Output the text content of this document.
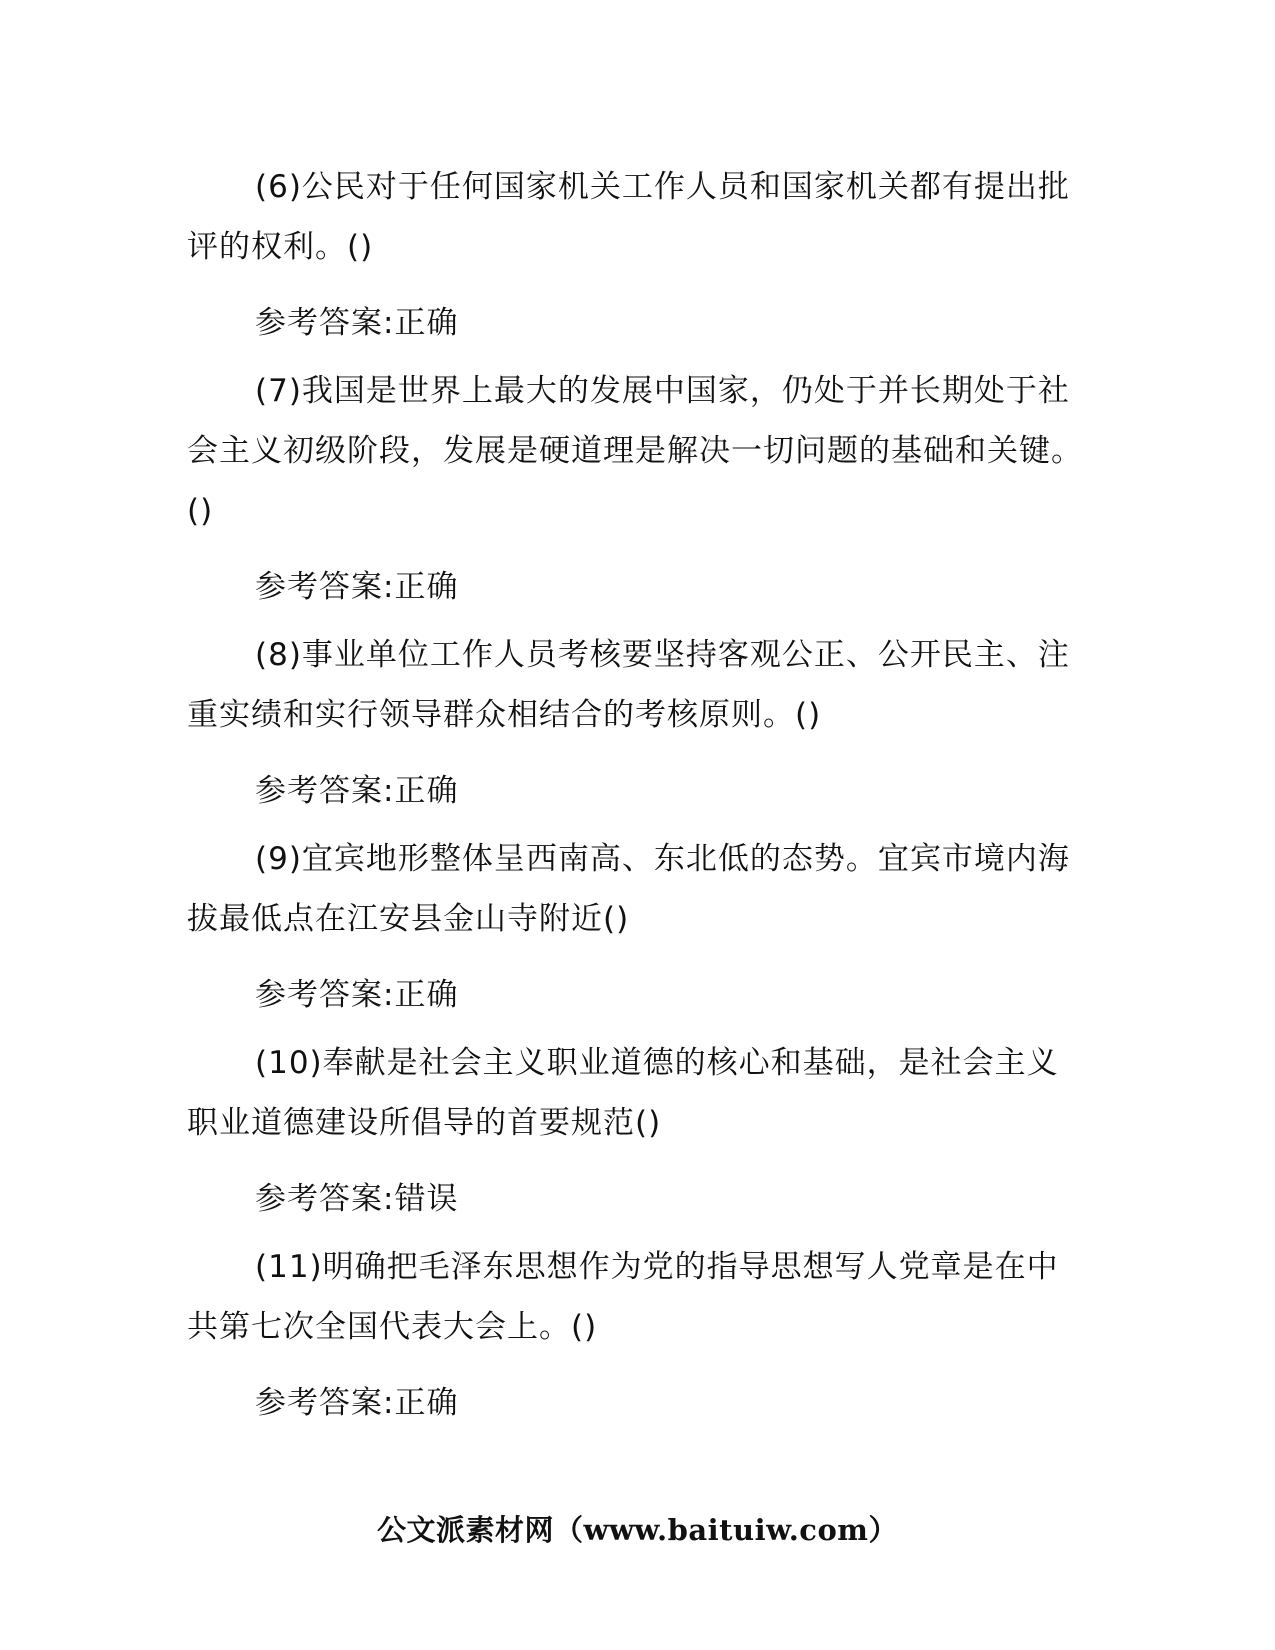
(6)公民对于任何国家机关工作人员和国家机关都有提出批评的权利。()

参考答案:正确

(7)我国是世界上最大的发展中国家，仍处于并长期处于社会主义初级阶段，发展是硬道理是解决一切问题的基础和关键。()

参考答案:正确

(8)事业单位工作人员考核要坚持客观公正、公开民主、注重实绩和实行领导群众相结合的考核原则。()

参考答案:正确

(9)宜宾地形整体呈西南高、东北低的态势。宜宾市境内海拔最低点在江安县金山寺附近()

参考答案:正确

(10)奉献是社会主义职业道德的核心和基础，是社会主义职业道德建设所倡导的首要规范()

参考答案:错误

(11)明确把毛泽东思想作为党的指导思想写人党章是在中共第七次全国代表大会上。()

参考答案:正确

公文派素材网（www.baituiw.com）
